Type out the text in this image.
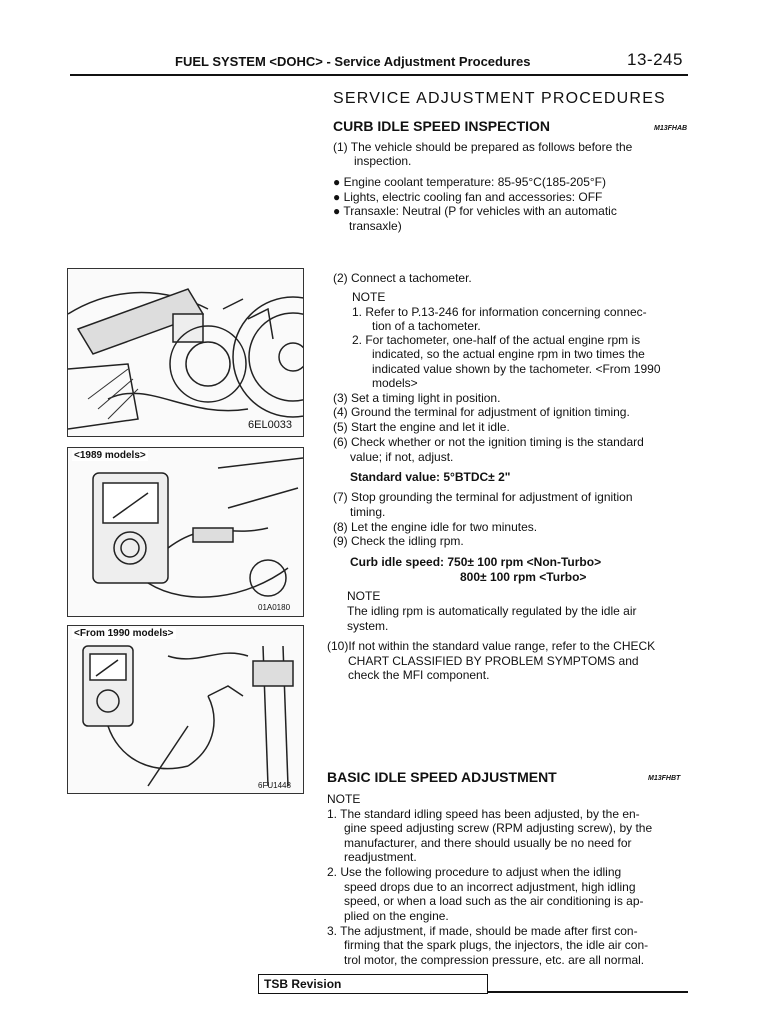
FUEL SYSTEM <DOHC> - Service Adjustment Procedures	13-245
SERVICE ADJUSTMENT PROCEDURES
CURB IDLE SPEED INSPECTION	M13FHAB
(1) The vehicle should be prepared as follows before the
inspection.
● Engine coolant temperature: 85-95°C(185-205°F)
● Lights, electric cooling fan and accessories: OFF
● Transaxle: Neutral (P for vehicles with an automatic
transaxle)
(2) Connect a tachometer.
NOTE
1. Refer to P.13-246 for information concerning connec-
tion of a tachometer.
2. For tachometer, one-half of the actual engine rpm is
indicated, so the actual engine rpm in two times the
indicated value shown by the tachometer. <From 1990
models>
(3) Set a timing light in position.
(4) Ground the terminal for adjustment of ignition timing.
(5) Start the engine and let it idle.
(6) Check whether or not the ignition timing is the standard
value; if not, adjust.
Standard value: 5°BTDC± 2"
(7) Stop grounding the terminal for adjustment of ignition
timing.
(8) Let the engine idle for two minutes.
(9) Check the idling rpm.
Curb idle speed: 750± 100 rpm <Non-Turbo>
800± 100 rpm <Turbo>
NOTE
The idling rpm is automatically regulated by the idle air
system.
(10)If not within the standard value range, refer to the CHECK
CHART CLASSIFIED BY PROBLEM SYMPTOMS and
check the MFI component.
6EL0033
<1989 models>
01A0180
<From 1990 models>
6FU1448
BASIC IDLE SPEED ADJUSTMENT	M13FHBT
NOTE
1. The standard idling speed has been adjusted, by the en-
gine speed adjusting screw (RPM adjusting screw), by the
manufacturer, and there should usually be no need for
readjustment.
2. Use the following procedure to adjust when the idling
speed drops due to an incorrect adjustment, high idling
speed, or when a load such as the air conditioning is ap-
plied on the engine.
3. The adjustment, if made, should be made after first con-
firming that the spark plugs, the injectors, the idle air con-
trol motor, the compression pressure, etc. are all normal.
TSB Revision
